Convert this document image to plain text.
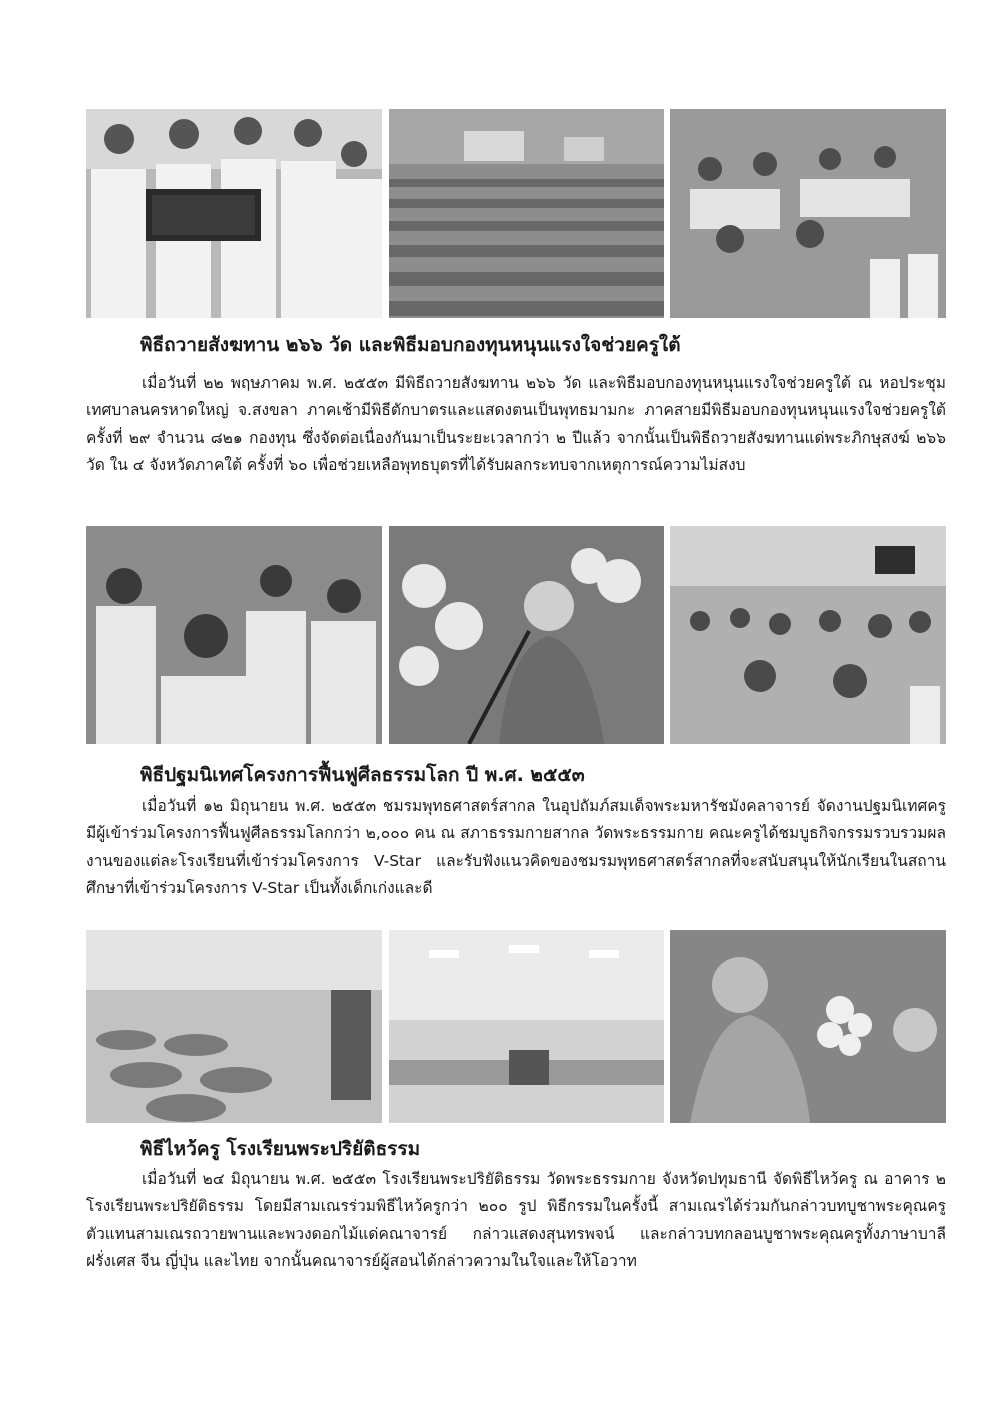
พิธีถวายสังฆทาน ๒๖๖ วัด และพิธีมอบกองทุนหนุนแรงใจช่วยครูใต้

เมื่อวันที่ ๒๒ พฤษภาคม พ.ศ. ๒๕๕๓ มีพิธีถวายสังฆทาน ๒๖๖ วัด และพิธีมอบกองทุนหนุนแรงใจช่วยครูใต้ ณ หอประชุมเทศบาลนครหาดใหญ่ จ.สงขลา ภาคเช้ามีพิธีตักบาตรและแสดงตนเป็นพุทธมามกะ ภาคสายมีพิธีมอบกองทุนหนุนแรงใจช่วยครูใต้ ครั้งที่ ๒๙ จำนวน ๘๒๑ กองทุน ซึ่งจัดต่อเนื่องกันมาเป็นระยะเวลากว่า ๒ ปีแล้ว จากนั้นเป็นพิธีถวายสังฆทานแด่พระภิกษุสงฆ์ ๒๖๖ วัด ใน ๔ จังหวัดภาคใต้ ครั้งที่ ๖๐ เพื่อช่วยเหลือพุทธบุตรที่ได้รับผลกระทบจากเหตุการณ์ความไม่สงบ

พิธีปฐมนิเทศโครงการฟื้นฟูศีลธรรมโลก ปี พ.ศ. ๒๕๕๓

เมื่อวันที่ ๑๒ มิถุนายน พ.ศ. ๒๕๕๓ ชมรมพุทธศาสตร์สากล ในอุปถัมภ์สมเด็จพระมหารัชมังคลาจารย์ จัดงานปฐมนิเทศครู มีผู้เข้าร่วมโครงการฟื้นฟูศีลธรรมโลกกว่า ๒,๐๐๐ คน ณ สภาธรรมกายสากล วัดพระธรรมกาย คณะครูได้ชมบูธกิจกรรมรวบรวมผลงานของแต่ละโรงเรียนที่เข้าร่วมโครงการ V-Star และรับฟังแนวคิดของชมรมพุทธศาสตร์สากลที่จะสนับสนุนให้นักเรียนในสถานศึกษาที่เข้าร่วมโครงการ V-Star เป็นทั้งเด็กเก่งและดี

พิธีไหว้ครู โรงเรียนพระปริยัติธรรม

เมื่อวันที่ ๒๔ มิถุนายน พ.ศ. ๒๕๕๓ โรงเรียนพระปริยัติธรรม วัดพระธรรมกาย จังหวัดปทุมธานี จัดพิธีไหว้ครู ณ อาคาร ๒ โรงเรียนพระปริยัติธรรม โดยมีสามเณรร่วมพิธีไหว้ครูกว่า ๒๐๐ รูป พิธีกรรมในครั้งนี้ สามเณรได้ร่วมกันกล่าวบทบูชาพระคุณครู ตัวแทนสามเณรถวายพานและพวงดอกไม้แด่คณาจารย์ กล่าวแสดงสุนทรพจน์ และกล่าวบทกลอนบูชาพระคุณครูทั้งภาษาบาลี ฝรั่งเศส จีน ญี่ปุ่น และไทย จากนั้นคณาจารย์ผู้สอนได้กล่าวความในใจและให้โอวาท
